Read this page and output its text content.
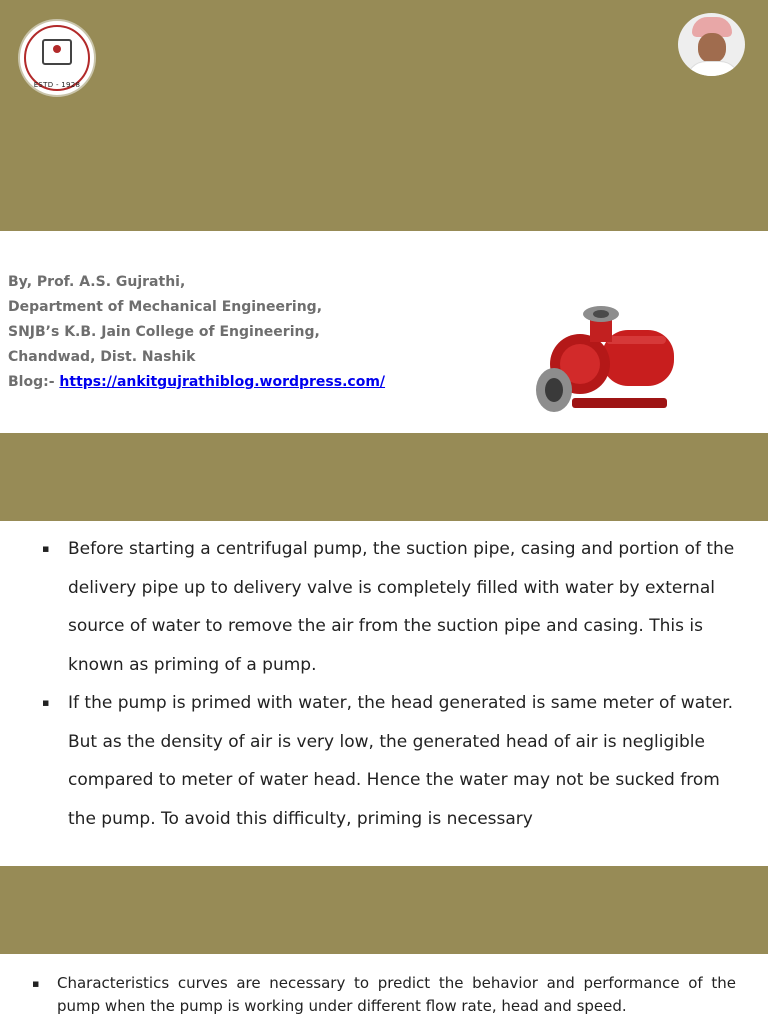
ESTD - 1928
By, Prof. A.S. Gujrathi,
Department of Mechanical Engineering,
SNJB’s K.B. Jain College of Engineering,
Chandwad, Dist. Nashik
Blog:- https://ankitgujrathiblog.wordpress.com/
▪ Before starting a centrifugal pump, the suction pipe, casing and portion of the delivery pipe up to delivery valve is completely filled with water by external source of water to remove the air from the suction pipe and casing. This is known as priming of a pump.
▪ If the pump is primed with water, the head generated is same meter of water. But as the density of air is very low, the generated head of air is negligible compared to meter of water head. Hence the water may not be sucked from the pump. To avoid this difficulty, priming is necessary
▪ Characteristics curves are necessary to predict the behavior and performance of the pump when the pump is working under different flow rate, head and speed.
